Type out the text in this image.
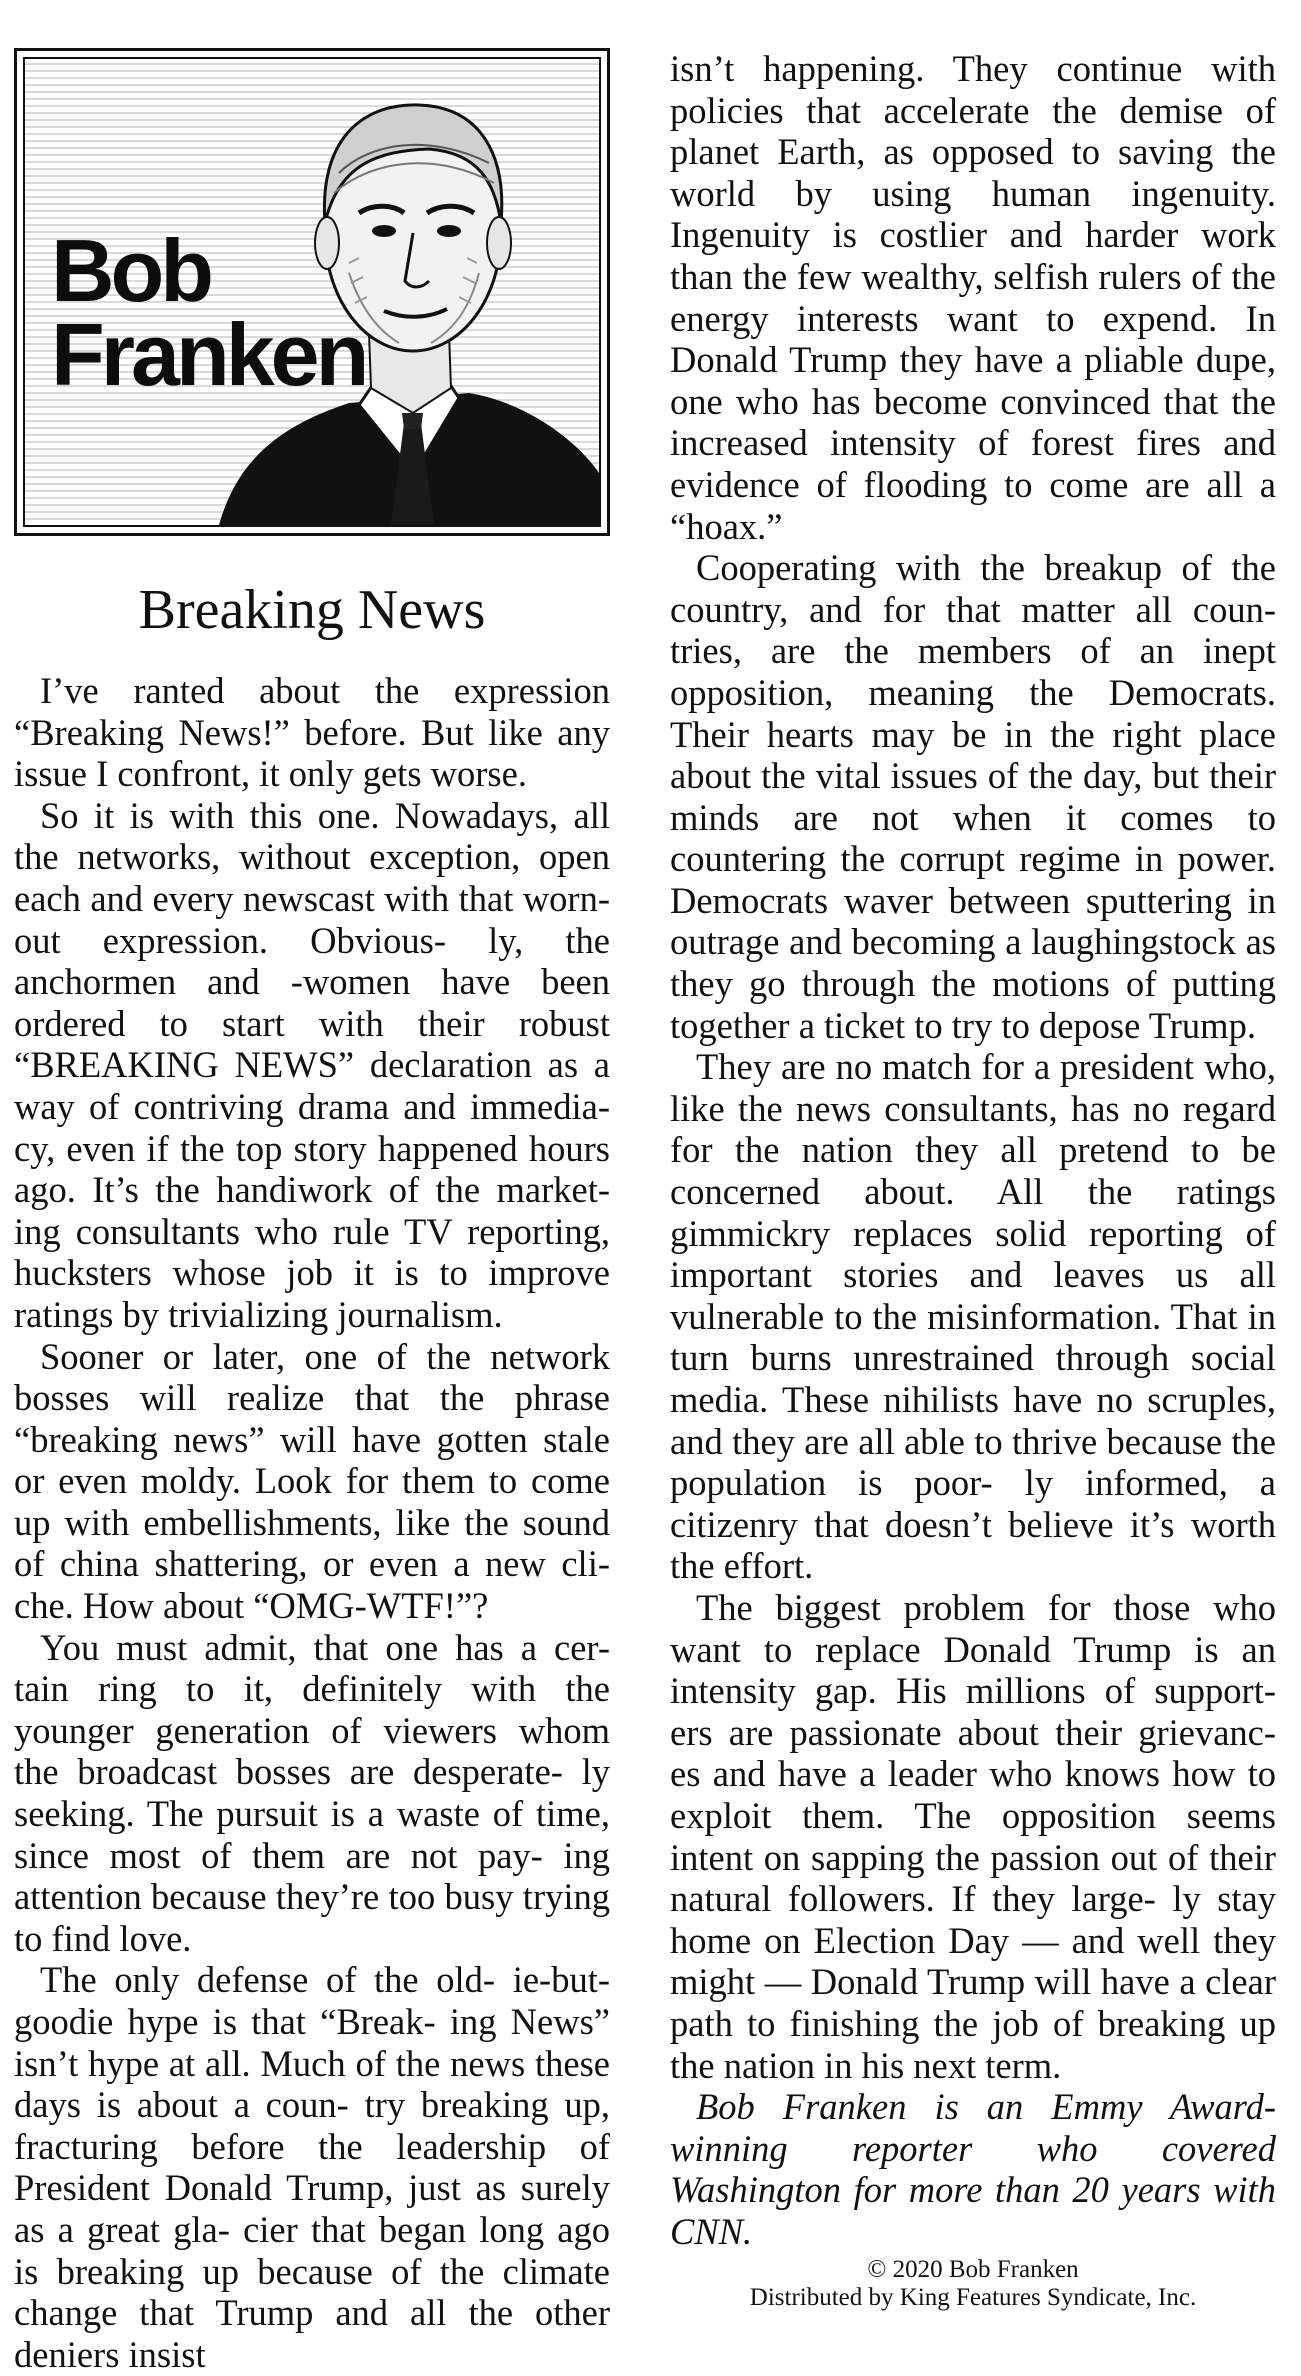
Bob
Franken
Breaking News

I’ve ranted about the expression “Breaking News!” before. But like any issue I confront, it only gets worse.

So it is with this one. Nowadays, all the networks, without exception, open each and every newscast with that worn-out expression. Obvious- ly, the anchormen and -women have been ordered to start with their robust “BREAKING NEWS” declaration as a way of contriving drama and immedia- cy, even if the top story happened hours ago. It’s the handiwork of the market- ing consultants who rule TV reporting, hucksters whose job it is to improve ratings by trivializing journalism.

Sooner or later, one of the network bosses will realize that the phrase “breaking news” will have gotten stale or even moldy. Look for them to come up with embellishments, like the sound of china shattering, or even a new cli- che. How about “OMG-WTF!”?

You must admit, that one has a cer- tain ring to it, definitely with the younger generation of viewers whom the broadcast bosses are desperate- ly seeking. The pursuit is a waste of time, since most of them are not pay- ing attention because they’re too busy trying to find love.

The only defense of the old- ie-but-goodie hype is that “Break- ing News” isn’t hype at all. Much of the news these days is about a coun- try breaking up, fracturing before the leadership of President Donald Trump, just as surely as a great gla- cier that began long ago is breaking up because of the climate change that Trump and all the other deniers insist

isn’t happening. They continue with policies that accelerate the demise of planet Earth, as opposed to saving the world by using human ingenuity. Ingenuity is costlier and harder work than the few wealthy, selfish rulers of the energy interests want to expend. In Donald Trump they have a pliable dupe, one who has become convinced that the increased intensity of forest fires and evidence of flooding to come are all a “hoax.”

Cooperating with the breakup of the country, and for that matter all coun- tries, are the members of an inept opposition, meaning the Democrats. Their hearts may be in the right place about the vital issues of the day, but their minds are not when it comes to countering the corrupt regime in power. Democrats waver between sputtering in outrage and becoming a laughingstock as they go through the motions of putting together a ticket to try to depose Trump.

They are no match for a president who, like the news consultants, has no regard for the nation they all pretend to be concerned about. All the ratings gimmickry replaces solid reporting of important stories and leaves us all vulnerable to the misinformation. That in turn burns unrestrained through social media. These nihilists have no scruples, and they are all able to thrive because the population is poor- ly informed, a citizenry that doesn’t believe it’s worth the effort.

The biggest problem for those who want to replace Donald Trump is an intensity gap. His millions of support- ers are passionate about their grievanc- es and have a leader who knows how to exploit them. The opposition seems intent on sapping the passion out of their natural followers. If they large- ly stay home on Election Day — and well they might — Donald Trump will have a clear path to finishing the job of breaking up the nation in his next term.

Bob Franken is an Emmy Award-winning reporter who covered Washington for more than 20 years with CNN.

© 2020 Bob Franken
Distributed by King Features Syndicate, Inc.
